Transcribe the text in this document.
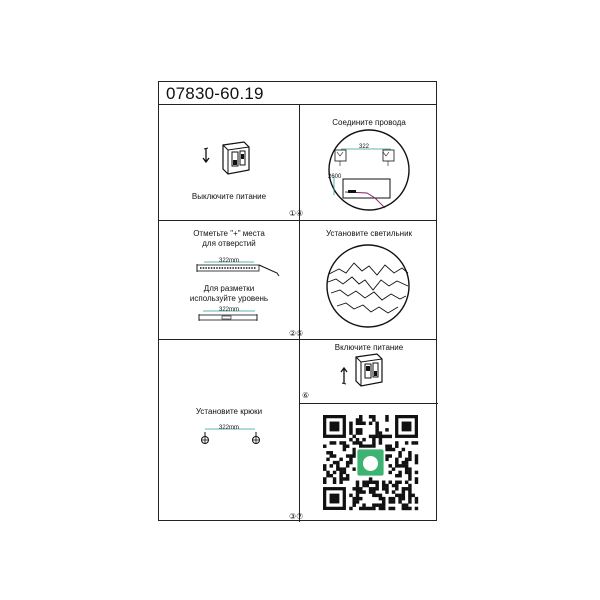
07830-60.19
Выключите питание
①④
Соедините провода
322
2600
Отметьте "+" места
для отверстий
322mm
Для разметки
используйте уровень
322mm
②⑤
Установите светильник
Включите питание
⑥
Установите крюки
322mm
③⑦
